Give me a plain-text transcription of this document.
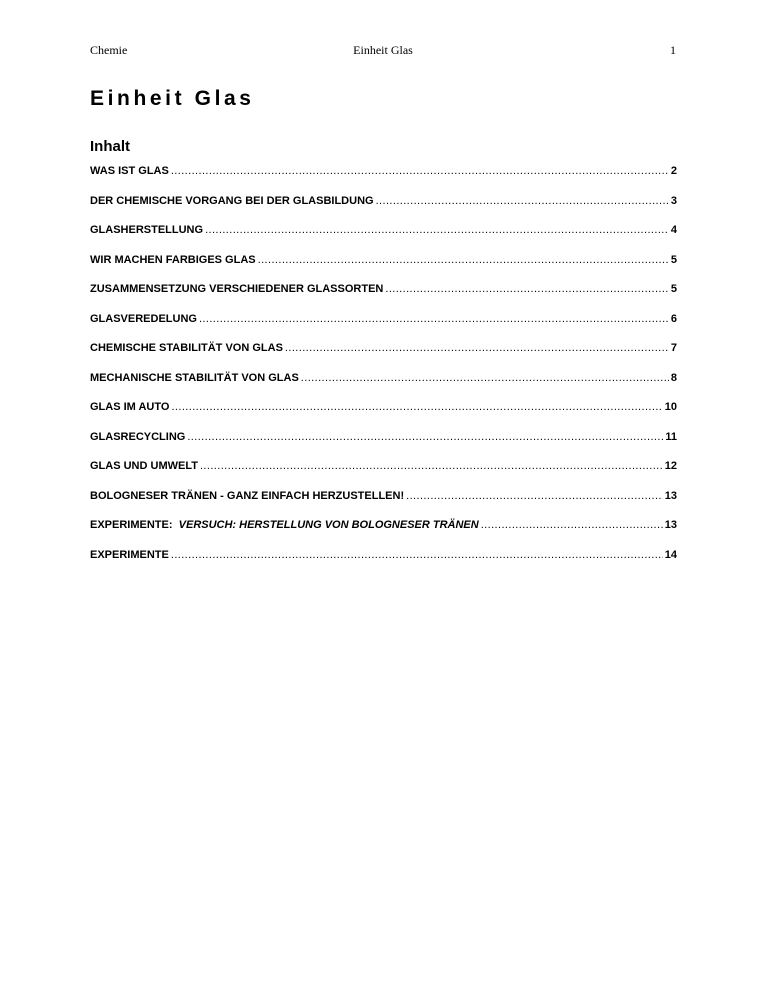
Chemie	Einheit Glas	1
Einheit Glas
Inhalt
WAS IST GLAS .....	2
DER CHEMISCHE VORGANG BEI DER GLASBILDUNG .....	3
GLASHERSTELLUNG .....	4
WIR MACHEN FARBIGES GLAS .....	5
ZUSAMMENSETZUNG VERSCHIEDENER GLASSORTEN .....	5
GLASVEREDELUNG .....	6
CHEMISCHE STABILITÄT VON GLAS .....	7
MECHANISCHE STABILITÄT VON GLAS .....	8
GLAS IM AUTO .....	10
GLASRECYCLING .....	11
GLAS UND UMWELT .....	12
BOLOGNESER TRÄNEN - GANZ EINFACH HERZUSTELLEN! .....	13
EXPERIMENTE: VERSUCH: HERSTELLUNG VON BOLOGNESER TRÄNEN .....	13
EXPERIMENTE .....	14
